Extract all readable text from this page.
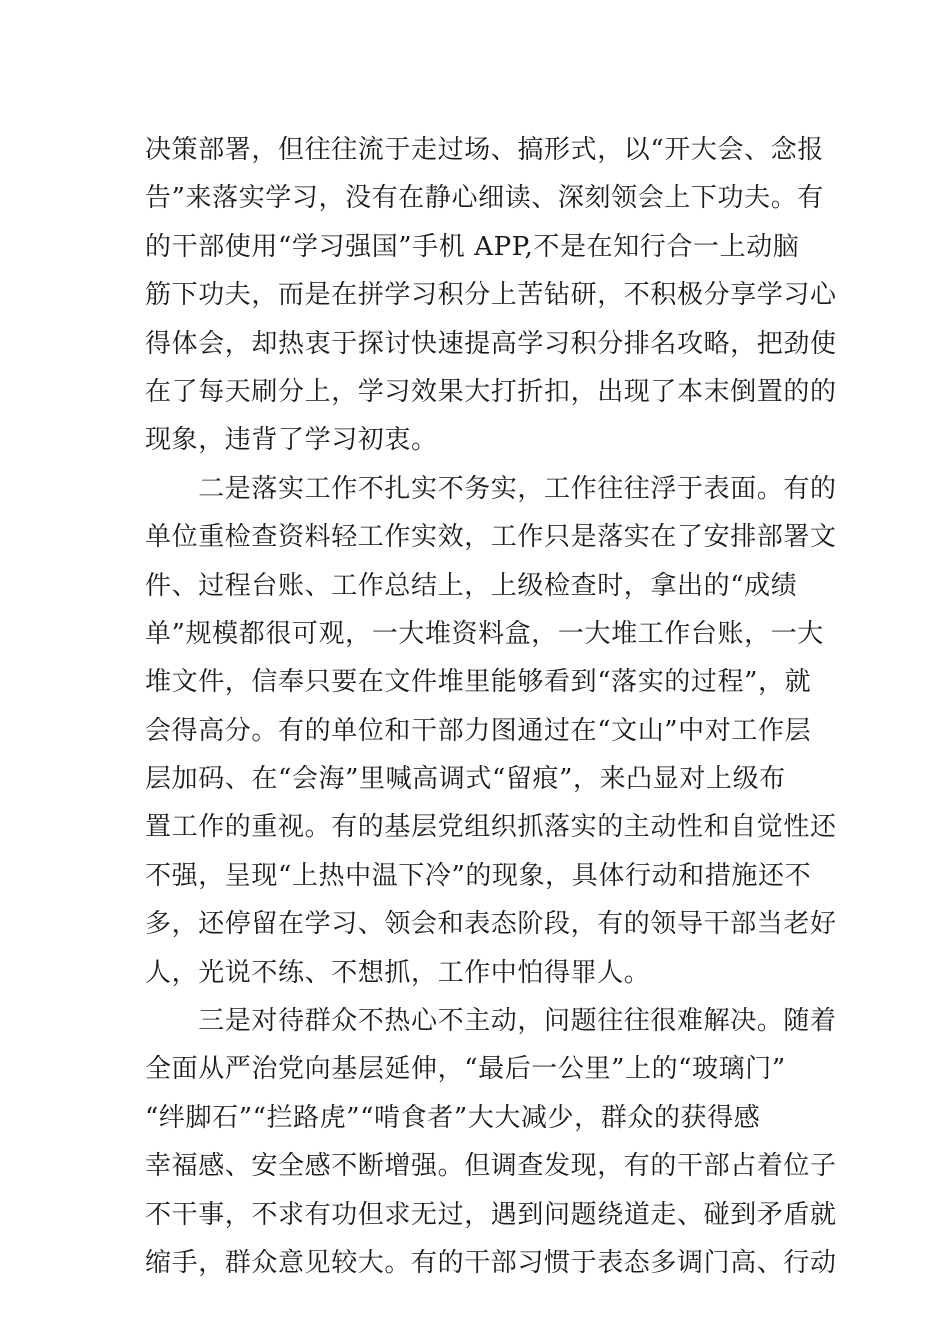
决策部署，但往往流于走过场、搞形式，以“开大会、念报
告”来落实学习，没有在静心细读、深刻领会上下功夫。有
的干部使用“学习强国”手机 APP,不是在知行合一上动脑
筋下功夫，而是在拼学习积分上苦钻研，不积极分享学习心
得体会，却热衷于探讨快速提高学习积分排名攻略，把劲使
在了每天刷分上，学习效果大打折扣，出现了本末倒置的的
现象，违背了学习初衷。
　　二是落实工作不扎实不务实，工作往往浮于表面。有的
单位重检查资料轻工作实效，工作只是落实在了安排部署文
件、过程台账、工作总结上，上级检查时，拿出的“成绩
单”规模都很可观，一大堆资料盒，一大堆工作台账，一大
堆文件，信奉只要在文件堆里能够看到“落实的过程”，就
会得高分。有的单位和干部力图通过在“文山”中对工作层
层加码、在“会海”里喊高调式“留痕”，来凸显对上级布
置工作的重视。有的基层党组织抓落实的主动性和自觉性还
不强，呈现“上热中温下冷”的现象，具体行动和措施还不
多，还停留在学习、领会和表态阶段，有的领导干部当老好
人，光说不练、不想抓，工作中怕得罪人。
　　三是对待群众不热心不主动，问题往往很难解决。随着
全面从严治党向基层延伸，“最后一公里”上的“玻璃门”
“绊脚石”“拦路虎”“啃食者”大大减少，群众的获得感
幸福感、安全感不断增强。但调查发现，有的干部占着位子
不干事，不求有功但求无过，遇到问题绕道走、碰到矛盾就
缩手，群众意见较大。有的干部习惯于表态多调门高、行动
